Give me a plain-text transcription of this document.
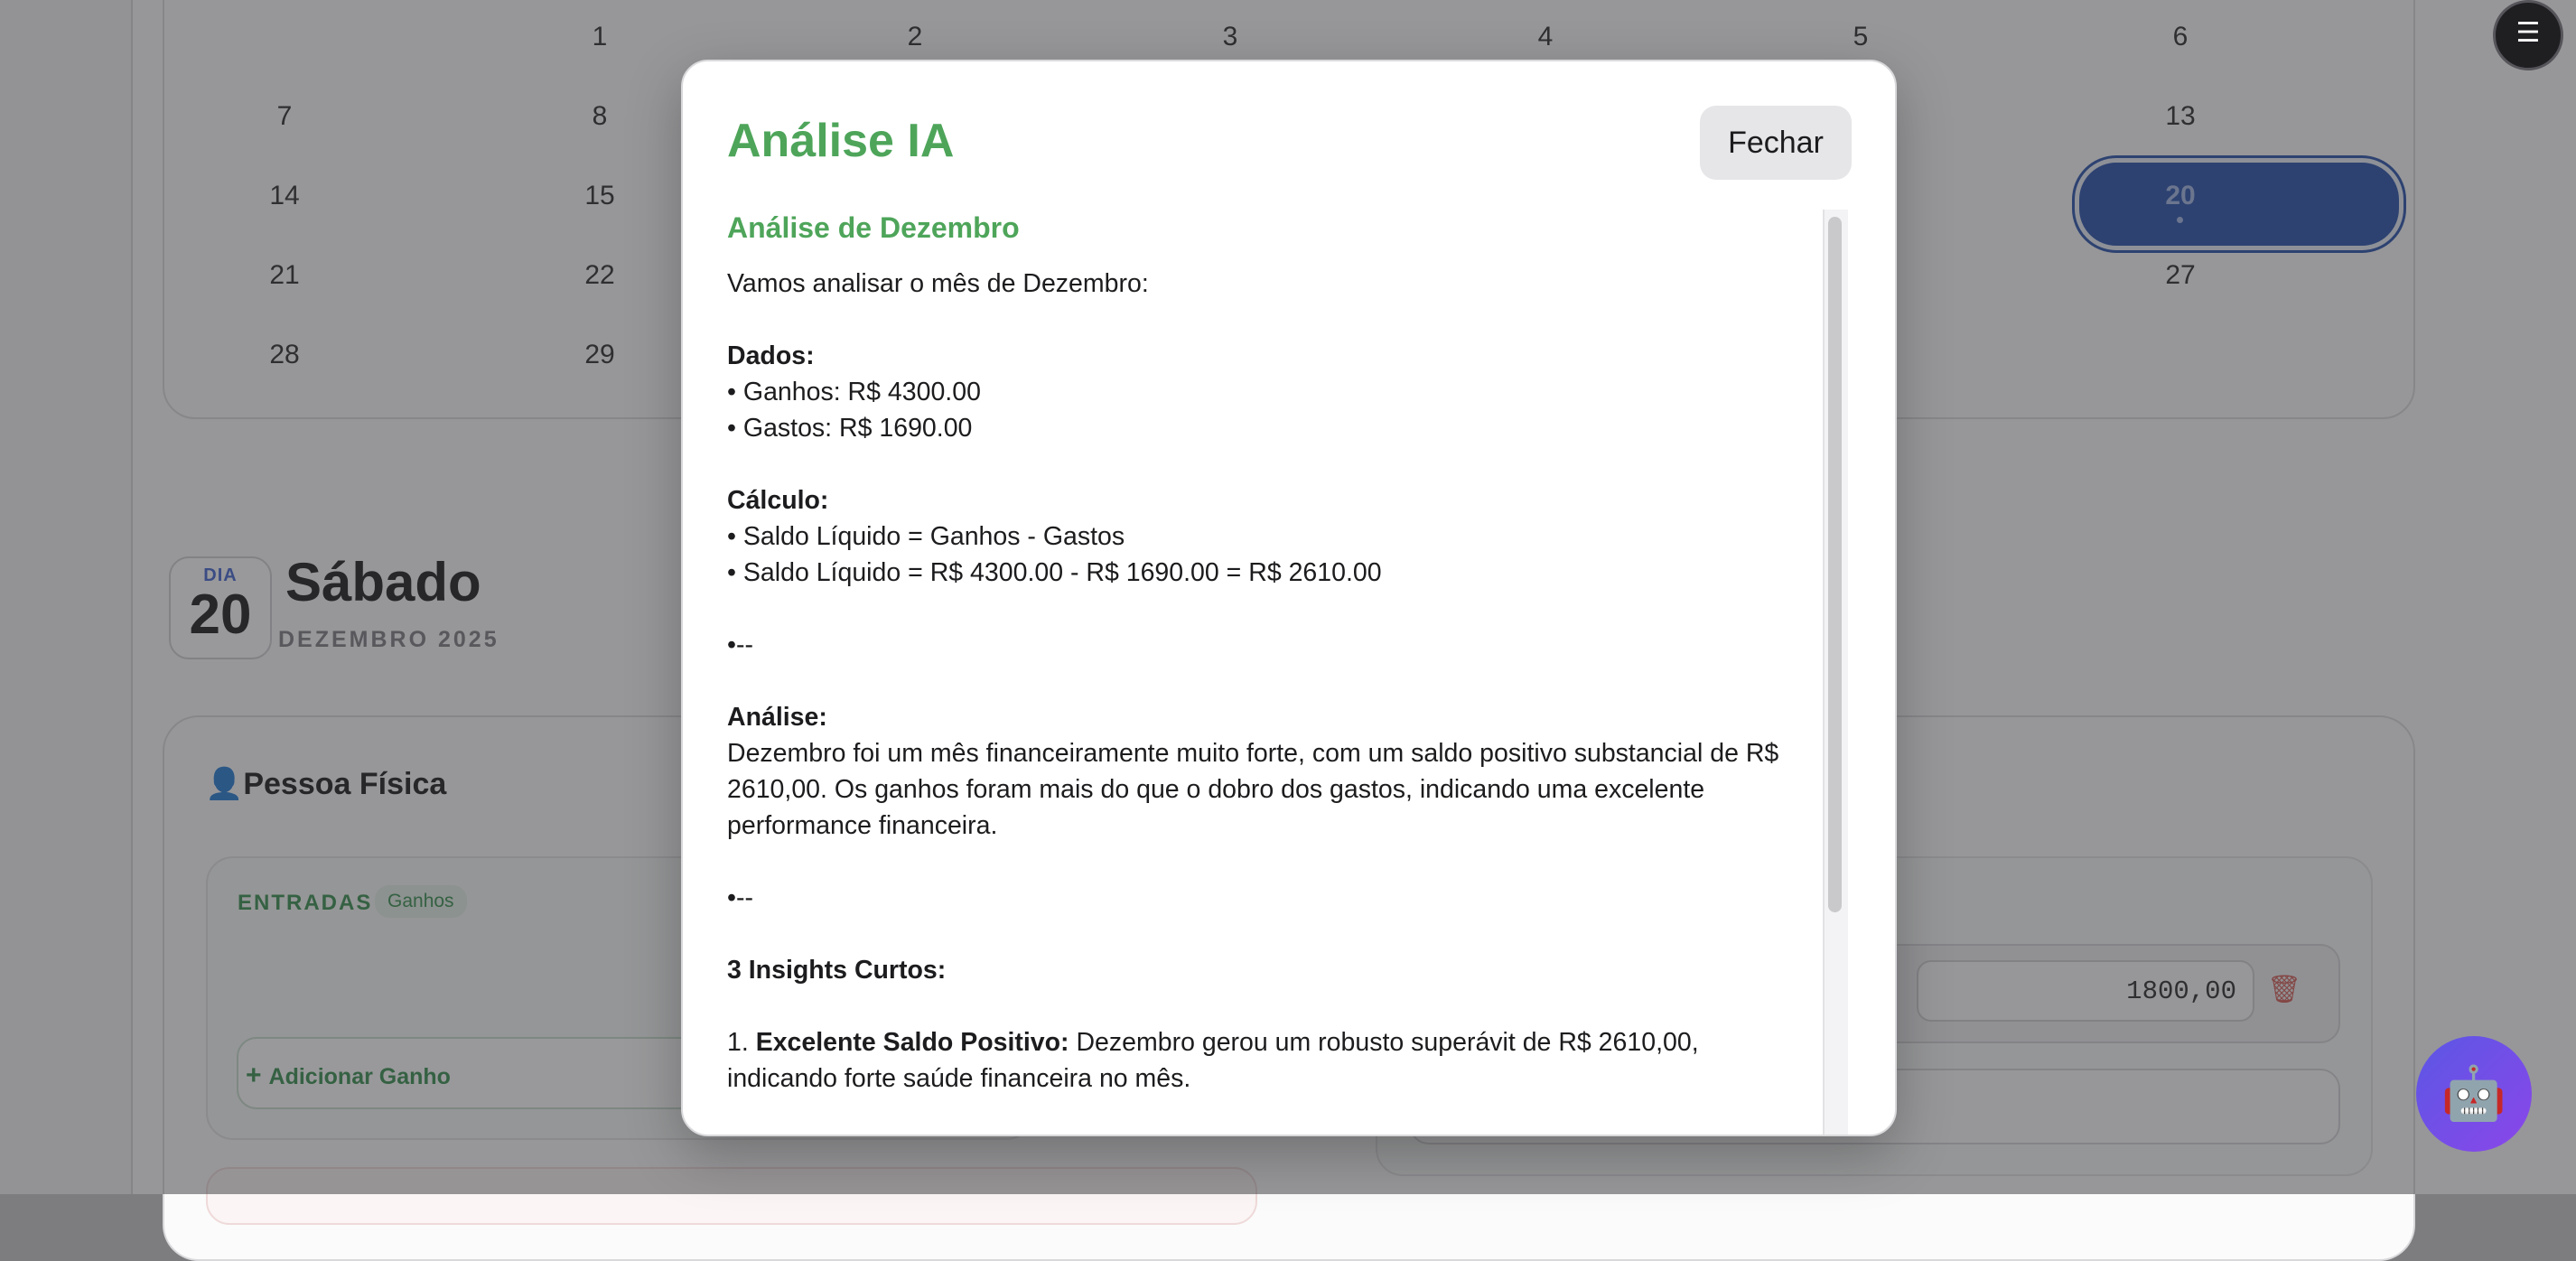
☰
🤖
Análise IA	Fechar
Análise de Dezembro

Vamos analisar o mês de Dezembro:

Dados:

• Ganhos: R$ 4300.00

• Gastos: R$ 1690.00

Cálculo:

• Saldo Líquido = Ganhos - Gastos

• Saldo Líquido = R$ 4300.00 - R$ 1690.00 = R$ 2610.00

•--

Análise:

Dezembro foi um mês financeiramente muito forte, com um saldo positivo substancial de R$ 2610,00. Os ganhos foram mais do que o dobro dos gastos, indicando uma excelente performance financeira.

•--

3 Insights Curtos:

1. Excelente Saldo Positivo: Dezembro gerou um robusto superávit de R$ 2610,00, indicando forte saúde financeira no mês.
